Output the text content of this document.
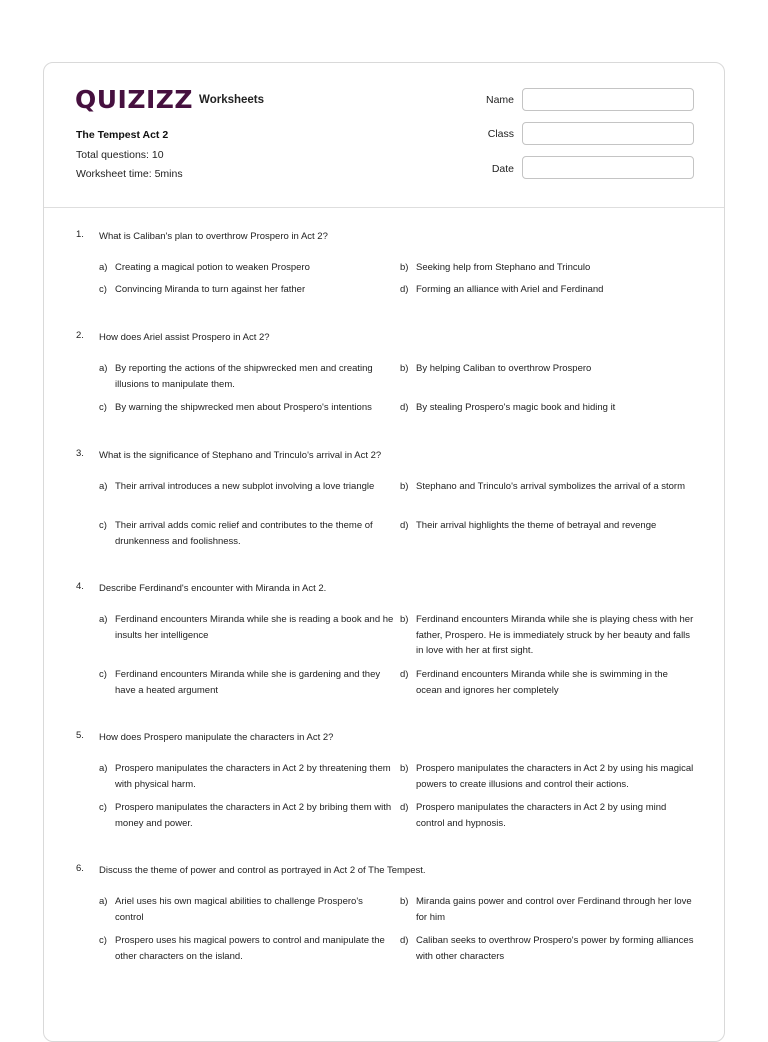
QUIZIZZ Worksheets
The Tempest Act 2
Total questions: 10
Worksheet time: 5mins
Name
Class
Date
1. What is Caliban's plan to overthrow Prospero in Act 2?
a) Creating a magical potion to weaken Prospero	b) Seeking help from Stephano and Trinculo
c) Convincing Miranda to turn against her father	d) Forming an alliance with Ariel and Ferdinand
2. How does Ariel assist Prospero in Act 2?
a) By reporting the actions of the shipwrecked men and creating illusions to manipulate them.
b) By helping Caliban to overthrow Prospero
c) By warning the shipwrecked men about Prospero's intentions	d) By stealing Prospero's magic book and hiding it
3. What is the significance of Stephano and Trinculo's arrival in Act 2?
a) Their arrival introduces a new subplot involving a love triangle	b) Stephano and Trinculo's arrival symbolizes the arrival of a storm
c) Their arrival adds comic relief and contributes to the theme of drunkenness and foolishness.
d) Their arrival highlights the theme of betrayal and revenge
4. Describe Ferdinand's encounter with Miranda in Act 2.
a) Ferdinand encounters Miranda while she is reading a book and he insults her intelligence
b) Ferdinand encounters Miranda while she is playing chess with her father, Prospero. He is immediately struck by her beauty and falls in love with her at first sight.
c) Ferdinand encounters Miranda while she is gardening and they have a heated argument
d) Ferdinand encounters Miranda while she is swimming in the ocean and ignores her completely
5. How does Prospero manipulate the characters in Act 2?
a) Prospero manipulates the characters in Act 2 by threatening them with physical harm.
b) Prospero manipulates the characters in Act 2 by using his magical powers to create illusions and control their actions.
c) Prospero manipulates the characters in Act 2 by bribing them with money and power.
d) Prospero manipulates the characters in Act 2 by using mind control and hypnosis.
6. Discuss the theme of power and control as portrayed in Act 2 of The Tempest.
a) Ariel uses his own magical abilities to challenge Prospero's control
b) Miranda gains power and control over Ferdinand through her love for him
c) Prospero uses his magical powers to control and manipulate the other characters on the island.
d) Caliban seeks to overthrow Prospero's power by forming alliances with other characters
